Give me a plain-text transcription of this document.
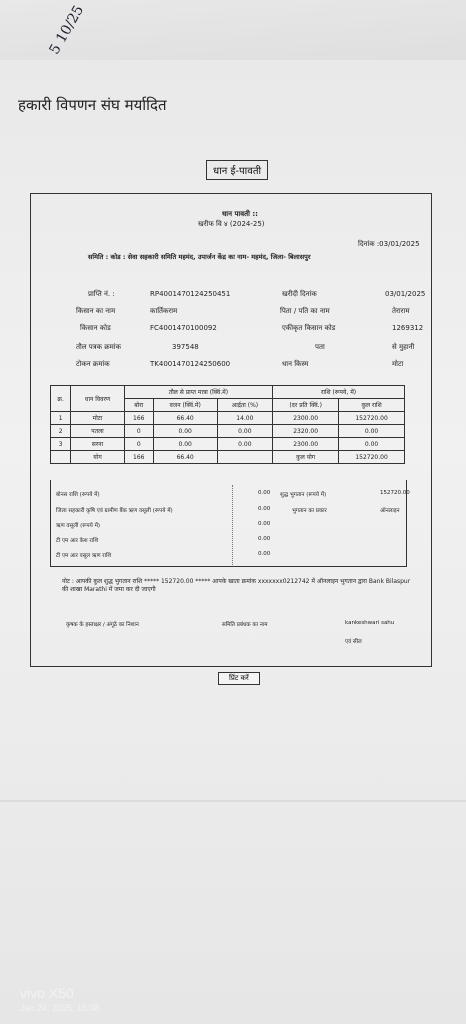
5 10/25
हकारी विपणन संघ मर्यादित
धान ई-पावती
धान पावती ::
खरीफ वि ४ (2024-25)
दिनांक :03/01/2025
समिति : कोड : सेवा सहकारी समिति महमंद, उपार्जन केंद्र का नाम- महमंद, जिला- बिलासपुर
प्राप्ति नं. :	RP4001470124250451	खरीदी दिनांक	03/01/2025
किसान का नाम	कार्तिकराम	पिता / पति का नाम	तेराराम
किसान कोड	FC4001470100092	एकीकृत किसान कोड	1269312
तौल पत्रक क्रमांक	397548	पता	से मुहानी
टोकन क्रमांक	TK4001470124250600	धान किस्म	मोटा
क्र.	धान विवरण	तौल से प्राप्त मात्रा (क्विं.में)			राशि (रूपये, में)	
		बोरा	वजन (क्विं.में)	आर्द्रता (%)	(दर प्रति क्विं.)	कुल राशि
1	मोटा	166	66.40	14.00	2300.00	152720.00
2	पतला	0	0.00	0.00	2320.00	0.00
3	सरना	0	0.00	0.00	2300.00	0.00
	योग	166	66.40		कुल योग	152720.00
बोनस राशि (रूपये में)	0.00 शुद्ध भुगतान (रूपये में)	152720.00
जिला सहकारी कृषि एवं ग्रामीण बैंक ऋण वसूली (रूपये में)	0.00	भुगतान का प्रकार	ऑनलाइन
ऋण वसूली (रूपये में)	0.00
टी एम आर केश राशि	0.00
टी एम आर वसूल ऋण राशि	0.00
नोट : आपकी कुल शुद्ध भुगतान राशि ***** 152720.00 ***** आपके खाता क्रमांक xxxxxxx0212742 में ऑनलाइन भुगतान द्वारा Bank Bilaspur की शाखा Marathi में जमा कर दी जाएगी
कृषक के हस्ताक्षर / अंगूठे का निशान	समिति प्रबंधक का नाम	kankeshwari sahu
एवं सील
प्रिंट करें
vivo X50
Jan 24, 2025, 15:08
